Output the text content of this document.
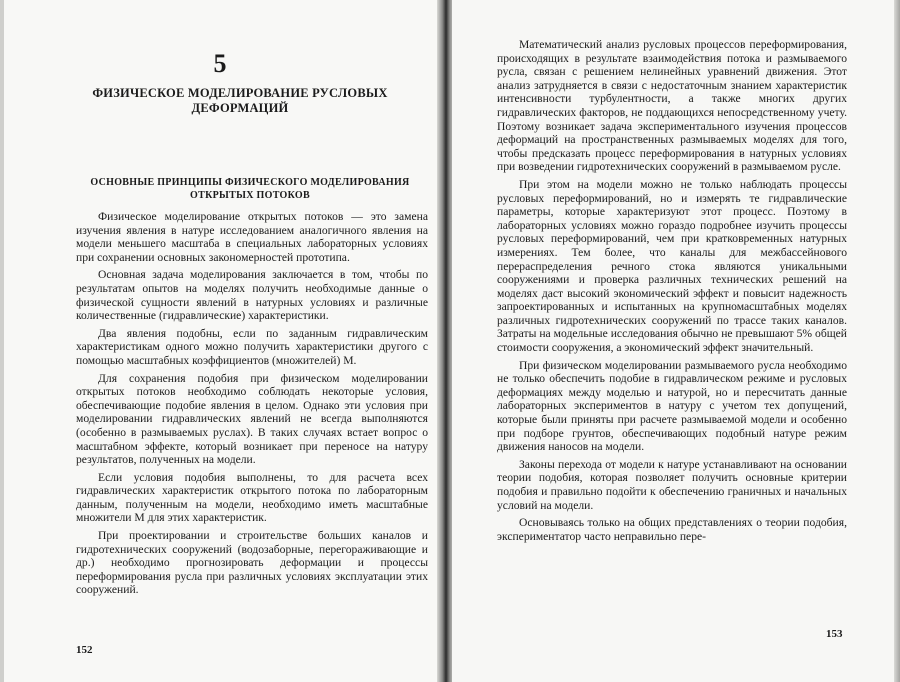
5
ФИЗИЧЕСКОЕ МОДЕЛИРОВАНИЕ РУСЛОВЫХ ДЕФОРМАЦИЙ
ОСНОВНЫЕ ПРИНЦИПЫ ФИЗИЧЕСКОГО МОДЕЛИРОВАНИЯ ОТКРЫТЫХ ПОТОКОВ

Физическое моделирование открытых потоков — это замена изучения явления в натуре исследованием аналогичного явления на модели меньшего масштаба в специальных лабораторных условиях при сохранении основных закономерностей прототипа.

Основная задача моделирования заключается в том, чтобы по результатам опытов на моделях получить необходимые данные о физической сущности явлений в натурных условиях и различные количественные (гидравлические) характеристики.

Два явления подобны, если по заданным гидравлическим характеристикам одного можно получить характеристики другого с помощью масштабных коэффициентов (множителей) М.

Для сохранения подобия при физическом моделировании открытых потоков необходимо соблюдать некоторые условия, обеспечивающие подобие явления в целом. Однако эти условия при моделировании гидравлических явлений не всегда выполняются (особенно в размываемых руслах). В таких случаях встает вопрос о масштабном эффекте, который возникает при переносе на натуру результатов, полученных на модели.

Если условия подобия выполнены, то для расчета всех гидравлических характеристик открытого потока по лабораторным данным, полученным на модели, необходимо иметь масштабные множители М для этих характеристик.

При проектировании и строительстве больших каналов и гидротехнических сооружений (водозаборные, перегораживающие и др.) необходимо прогнозировать деформации и процессы переформирования русла при различных условиях эксплуатации этих сооружений.

152

Математический анализ русловых процессов переформирования, происходящих в результате взаимодействия потока и размываемого русла, связан с решением нелинейных уравнений движения. Этот анализ затрудняется в связи с недостаточным знанием характеристик интенсивности турбулентности, а также многих других гидравлических факторов, не поддающихся непосредственному учету. Поэтому возникает задача экспериментального изучения процессов деформаций на пространственных размываемых моделях для того, чтобы предсказать процесс переформирования в натурных условиях при возведении гидротехнических сооружений в размываемом русле.

При этом на модели можно не только наблюдать процессы русловых переформирований, но и измерять те гидравлические параметры, которые характеризуют этот процесс. Поэтому в лабораторных условиях можно гораздо подробнее изучить процессы русловых переформирований, чем при кратковременных натурных измерениях. Тем более, что каналы для межбассейнового перераспределения речного стока являются уникальными сооружениями и проверка различных технических решений на моделях даст высокий экономический эффект и повысит надежность запроектированных и испытанных на крупномасштабных моделях различных гидротехнических сооружений по трассе таких каналов. Затраты на модельные исследования обычно не превышают 5% общей стоимости сооружения, а экономический эффект значительный.

При физическом моделировании размываемого русла необходимо не только обеспечить подобие в гидравлическом режиме и русловых деформациях между моделью и натурой, но и пересчитать данные лабораторных экспериментов в натуру с учетом тех допущений, которые были приняты при расчете размываемой модели и особенно при подборе грунтов, обеспечивающих подобный натуре режим движения наносов на модели.

Законы перехода от модели к натуре устанавливают на основании теории подобия, которая позволяет получить основные критерии подобия и правильно подойти к обеспечению граничных и начальных условий на модели.

Основываясь только на общих представлениях о теории подобия, экспериментатор часто неправильно пере-

153
